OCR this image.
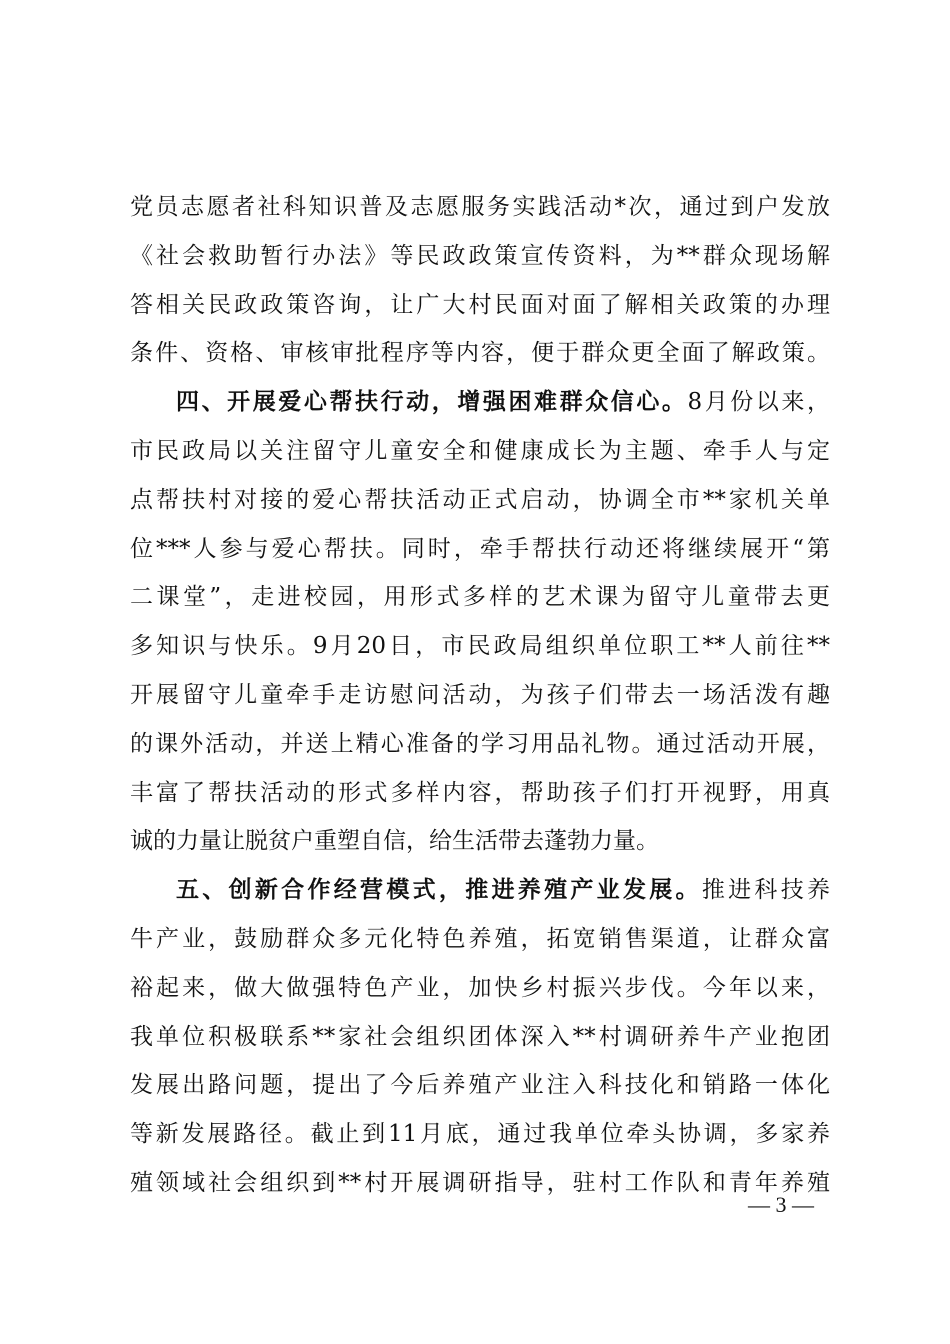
党员志愿者社科知识普及志愿服务实践活动*次，通过到户发放
《社会救助暂行办法》等民政政策宣传资料，为**群众现场解
答相关民政政策咨询，让广大村民面对面了解相关政策的办理
条件、资格、审核审批程序等内容，便于群众更全面了解政策。
四、开展爱心帮扶行动，增强困难群众信心。8月份以来，
市民政局以关注留守儿童安全和健康成长为主题、牵手人与定
点帮扶村对接的爱心帮扶活动正式启动，协调全市**家机关单
位***人参与爱心帮扶。同时，牵手帮扶行动还将继续展开“第
二课堂”，走进校园，用形式多样的艺术课为留守儿童带去更
多知识与快乐。9月20日，市民政局组织单位职工**人前往**
开展留守儿童牵手走访慰问活动，为孩子们带去一场活泼有趣
的课外活动，并送上精心准备的学习用品礼物。通过活动开展，
丰富了帮扶活动的形式多样内容，帮助孩子们打开视野，用真
诚的力量让脱贫户重塑自信，给生活带去蓬勃力量。
五、创新合作经营模式，推进养殖产业发展。推进科技养
牛产业，鼓励群众多元化特色养殖，拓宽销售渠道，让群众富
裕起来，做大做强特色产业，加快乡村振兴步伐。今年以来，
我单位积极联系**家社会组织团体深入**村调研养牛产业抱团
发展出路问题，提出了今后养殖产业注入科技化和销路一体化
等新发展路径。截止到11月底，通过我单位牵头协调，多家养
殖领域社会组织到**村开展调研指导，驻村工作队和青年养殖
— 3 —
